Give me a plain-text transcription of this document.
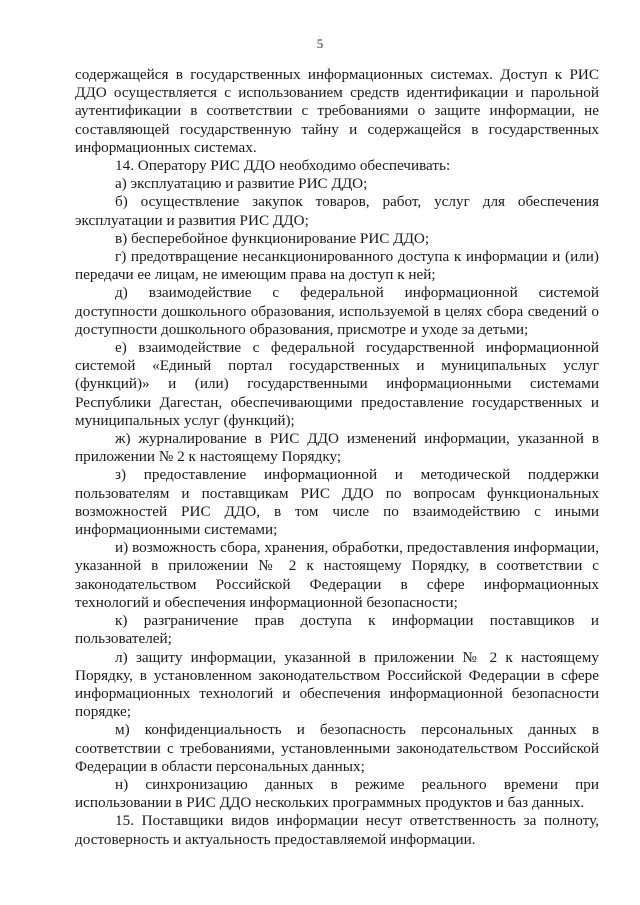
5

содержащейся в государственных информационных системах. Доступ к РИС ДДО осуществляется с использованием средств идентификации и парольной аутентификации в соответствии с требованиями о защите информации, не составляющей государственную тайну и содержащейся в государственных информационных системах.

14. Оператору РИС ДДО необходимо обеспечивать:

а) эксплуатацию и развитие РИС ДДО;

б) осуществление закупок товаров, работ, услуг для обеспечения эксплуатации и развития РИС ДДО;

в) бесперебойное функционирование РИС ДДО;

г) предотвращение несанкционированного доступа к информации и (или) передачи ее лицам, не имеющим права на доступ к ней;

д) взаимодействие с федеральной информационной системой доступности дошкольного образования, используемой в целях сбора сведений о доступности дошкольного образования, присмотре и уходе за детьми;

е) взаимодействие с федеральной государственной информационной системой «Единый портал государственных и муниципальных услуг (функций)» и (или) государственными информационными системами Республики Дагестан, обеспечивающими предоставление государственных и муниципальных услуг (функций);

ж) журналирование в РИС ДДО изменений информации, указанной в приложении № 2 к настоящему Порядку;

з) предоставление информационной и методической поддержки пользователям и поставщикам РИС ДДО по вопросам функциональных возможностей РИС ДДО, в том числе по взаимодействию с иными информационными системами;

и) возможность сбора, хранения, обработки, предоставления информации, указанной в приложении № 2 к настоящему Порядку, в соответствии с законодательством Российской Федерации в сфере информационных технологий и обеспечения информационной безопасности;

к) разграничение прав доступа к информации поставщиков и пользователей;

л) защиту информации, указанной в приложении № 2 к настоящему Порядку, в установленном законодательством Российской Федерации в сфере информационных технологий и обеспечения информационной безопасности порядке;

м) конфиденциальность и безопасность персональных данных в соответствии с требованиями, установленными законодательством Российской Федерации в области персональных данных;

н) синхронизацию данных в режиме реального времени при использовании в РИС ДДО нескольких программных продуктов и баз данных.

15. Поставщики видов информации несут ответственность за полноту, достоверность и актуальность предоставляемой информации.
